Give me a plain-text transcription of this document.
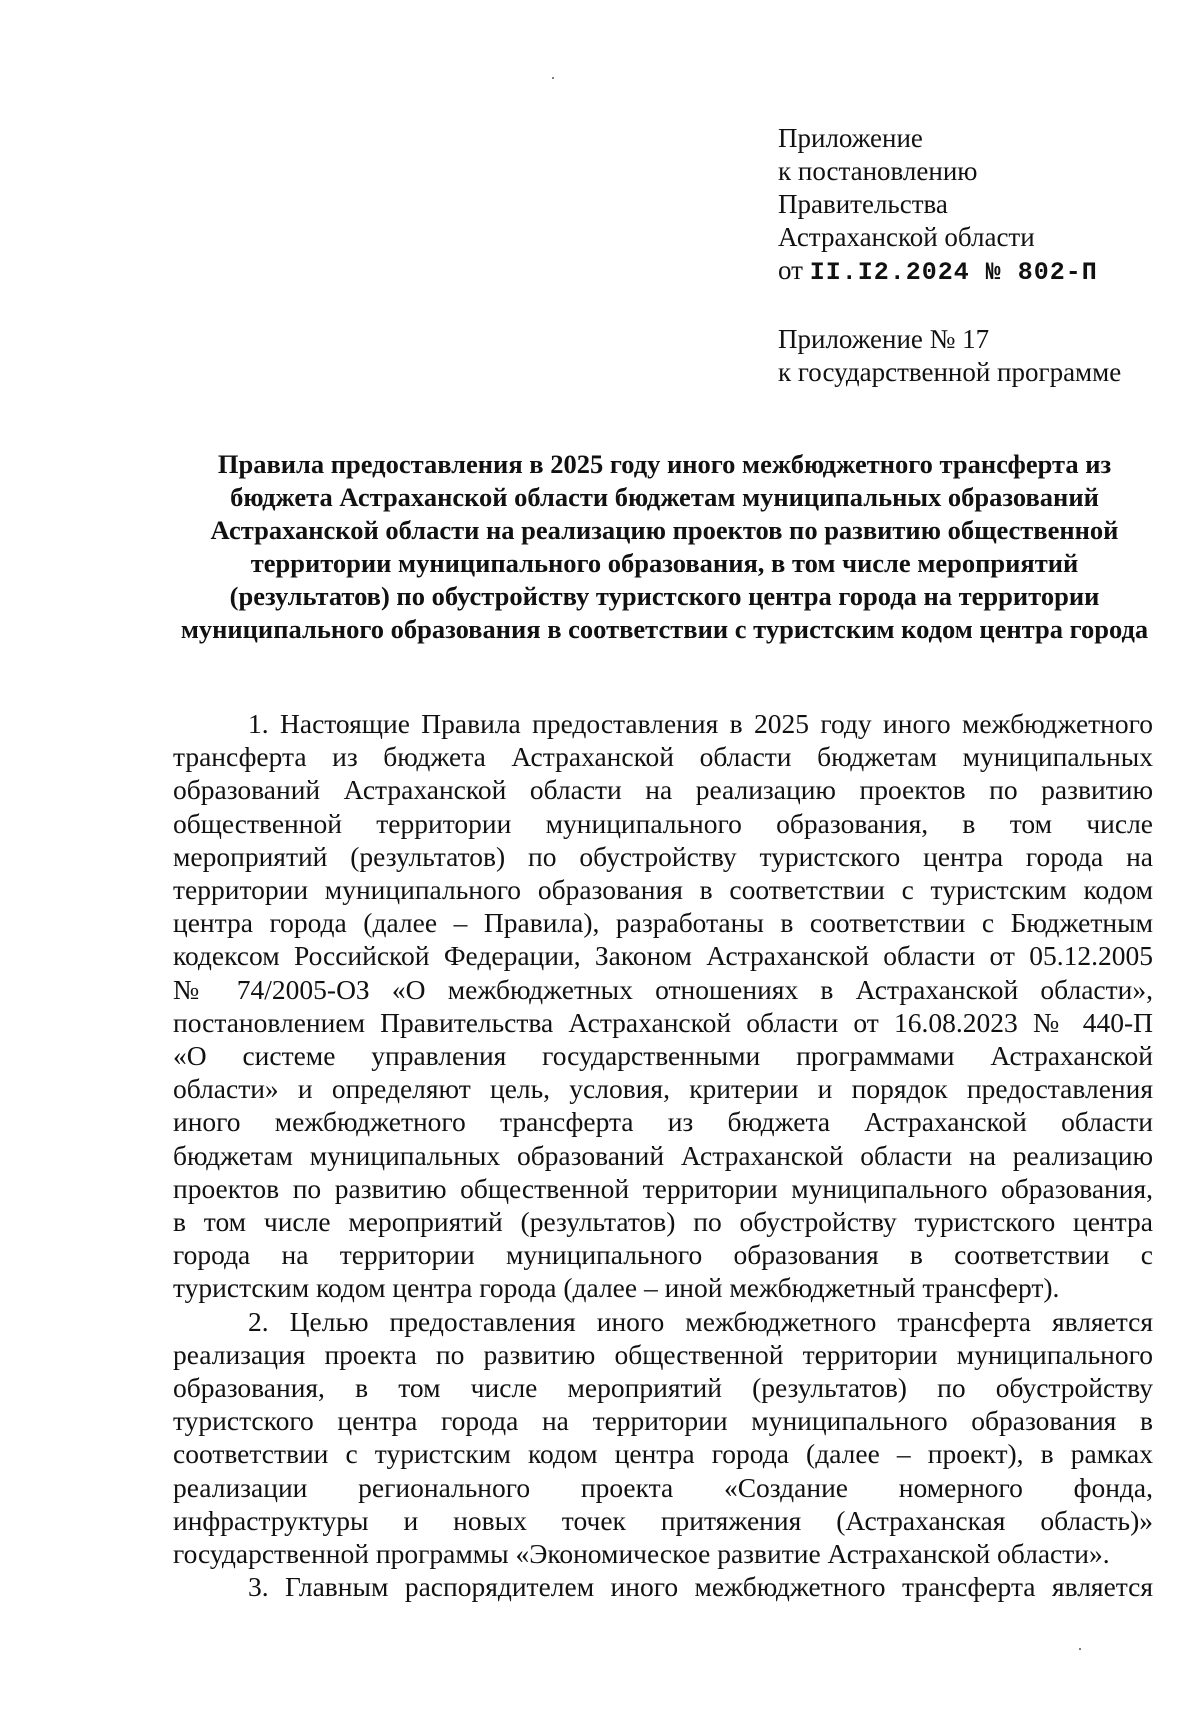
Приложение
к постановлению
Правительства
Астраханской области
от II.I2.2024 № 802-П
Приложение № 17
к государственной программе
Правила предоставления в 2025 году иного межбюджетного трансферта из
бюджета Астраханской области бюджетам муниципальных образований
Астраханской области на реализацию проектов по развитию общественной
территории муниципального образования, в том числе мероприятий
(результатов) по обустройству туристского центра города на территории
муниципального образования в соответствии с туристским кодом центра города
1. Настоящие Правила предоставления в 2025 году иного межбюджетного
трансферта из бюджета Астраханской области бюджетам муниципальных
образований Астраханской области на реализацию проектов по развитию
общественной территории муниципального образования, в том числе
мероприятий (результатов) по обустройству туристского центра города на
территории муниципального образования в соответствии с туристским кодом
центра города (далее – Правила), разработаны в соответствии с Бюджетным
кодексом Российской Федерации, Законом Астраханской области от 05.12.2005
№ 74/2005-ОЗ «О межбюджетных отношениях в Астраханской области»,
постановлением Правительства Астраханской области от 16.08.2023 № 440-П
«О системе управления государственными программами Астраханской
области» и определяют цель, условия, критерии и порядок предоставления
иного межбюджетного трансферта из бюджета Астраханской области
бюджетам муниципальных образований Астраханской области на реализацию
проектов по развитию общественной территории муниципального образования,
в том числе мероприятий (результатов) по обустройству туристского центра
города на территории муниципального образования в соответствии с
туристским кодом центра города (далее – иной межбюджетный трансферт).
2. Целью предоставления иного межбюджетного трансферта является
реализация проекта по развитию общественной территории муниципального
образования, в том числе мероприятий (результатов) по обустройству
туристского центра города на территории муниципального образования в
соответствии с туристским кодом центра города (далее – проект), в рамках
реализации регионального проекта «Создание номерного фонда,
инфраструктуры и новых точек притяжения (Астраханская область)»
государственной программы «Экономическое развитие Астраханской области».
3. Главным распорядителем иного межбюджетного трансферта является
